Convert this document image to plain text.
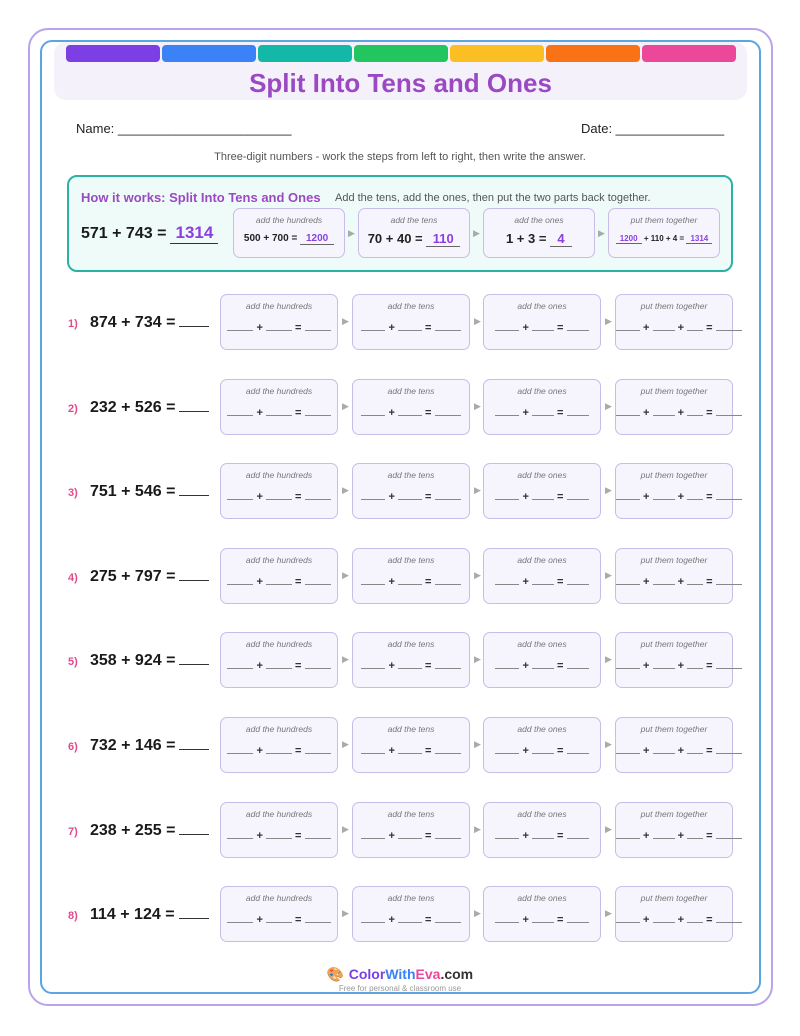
Split Into Tens and Ones
Name: ________________________	Date: _______________
Three-digit numbers - work the steps from left to right, then write the answer.
How it works: Split Into Tens and Ones Add the tens, add the ones, then put the two parts back together.
571 + 743 = 1314
add the hundreds
500 + 700 = 1200	▶
add the tens
70 + 40 = 110	▶
add the ones
1 + 3 = 4	▶
put them together
1200 + 110 + 4 = 1314
1) 874 + 734 =
add the hundreds
+  =
add the tens
+  =
add the ones
+  =
put them together
+  +  =
▶	▶	▶
2) 232 + 526 =
add the hundreds
+  =
add the tens
+  =
add the ones
+  =
put them together
+  +  =
▶	▶	▶
3) 751 + 546 =
add the hundreds
+  =
add the tens
+  =
add the ones
+  =
put them together
+  +  =
▶	▶	▶
4) 275 + 797 =
add the hundreds
+  =
add the tens
+  =
add the ones
+  =
put them together
+  +  =
▶	▶	▶
5) 358 + 924 =
add the hundreds
+  =
add the tens
+  =
add the ones
+  =
put them together
+  +  =
▶	▶	▶
6) 732 + 146 =
add the hundreds
+  =
add the tens
+  =
add the ones
+  =
put them together
+  +  =
▶	▶	▶
7) 238 + 255 =
add the hundreds
+  =
add the tens
+  =
add the ones
+  =
put them together
+  +  =
▶	▶	▶
8) 114 + 124 =
add the hundreds
+  =
add the tens
+  =
add the ones
+  =
put them together
+  +  =
▶	▶	▶
🎨 ColorWithEva.com
Free for personal & classroom use
